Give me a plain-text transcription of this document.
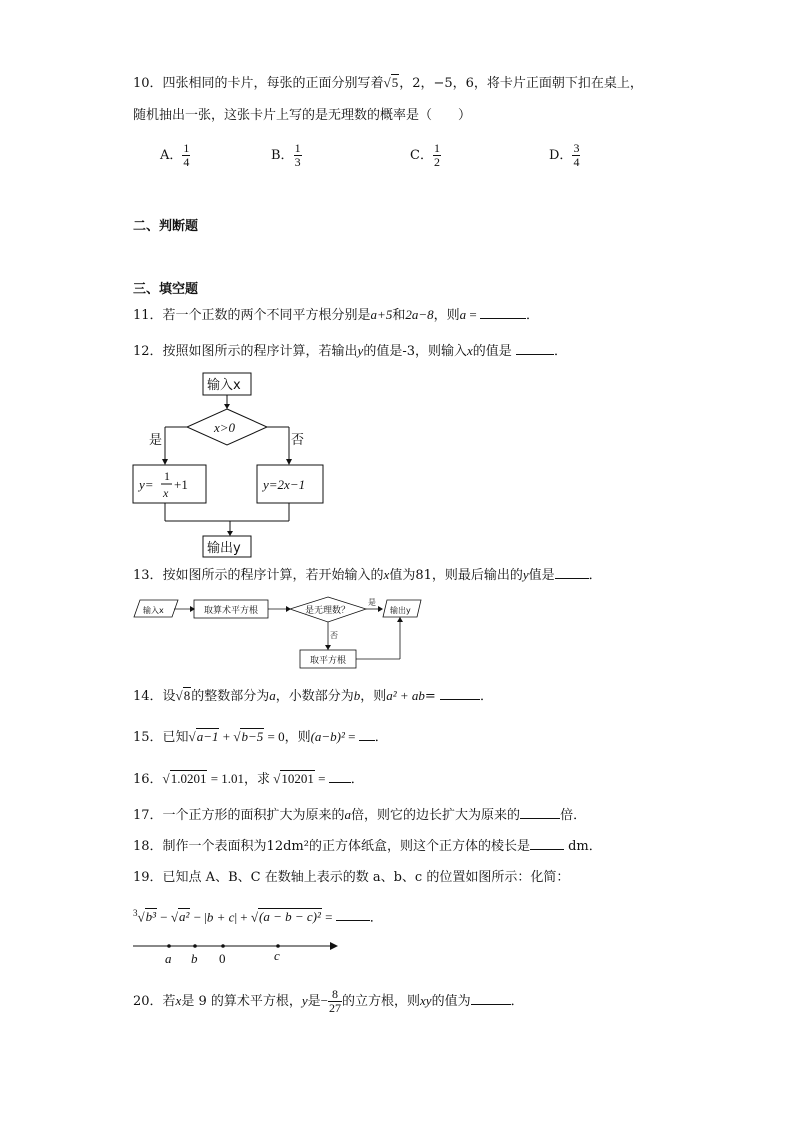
10．四张相同的卡片，每张的正面分别写着√5，2，−5，6，将卡片正面朝下扣在桌上，
随机抽出一张，这张卡片上写的是无理数的概率是（　　）
A． $\frac{1}{4}$	B． $\frac{1}{3}$	C． $\frac{1}{2}$	D． $\frac{3}{4}$
二、判断题
三、填空题
11．若一个正数的两个不同平方根分别是a+5和2a−8，则a =	．
12．按照如图所示的程序计算，若输出y的值是-3，则输入x的值是	．
输入x
x>0
是	否
y=
1
x
+1	y=2x−1
输出y
13．按如图所示的程序计算，若开始输入的x值为81，则最后输出的y值是	．
输入x	取算术平方根	是无理数？
是
否
输出y
取平方根
14．设√8的整数部分为a，小数部分为b，则a² + ab=	．
15．已知√a−1 + √b−5 = 0，则(a−b)² = ．
16．√1.0201 = 1.01，求 √10201 = ．
17．一个正方形的面积扩大为原来的a倍，则它的边长扩大为原来的	倍．
18．制作一个表面积为12dm²的正方体纸盒，则这个正方体的棱长是	dm．
19．已知点 A、B、C 在数轴上表示的数 a、b、c 的位置如图所示：化简：
$^3$√b³ − √a² − |b + c| + √(a − b − c)² =	．
a b 0	c
20．若x是 9 的算术平方根，y是− $\frac{8}{27}$ 的立方根，则xy的值为	．
